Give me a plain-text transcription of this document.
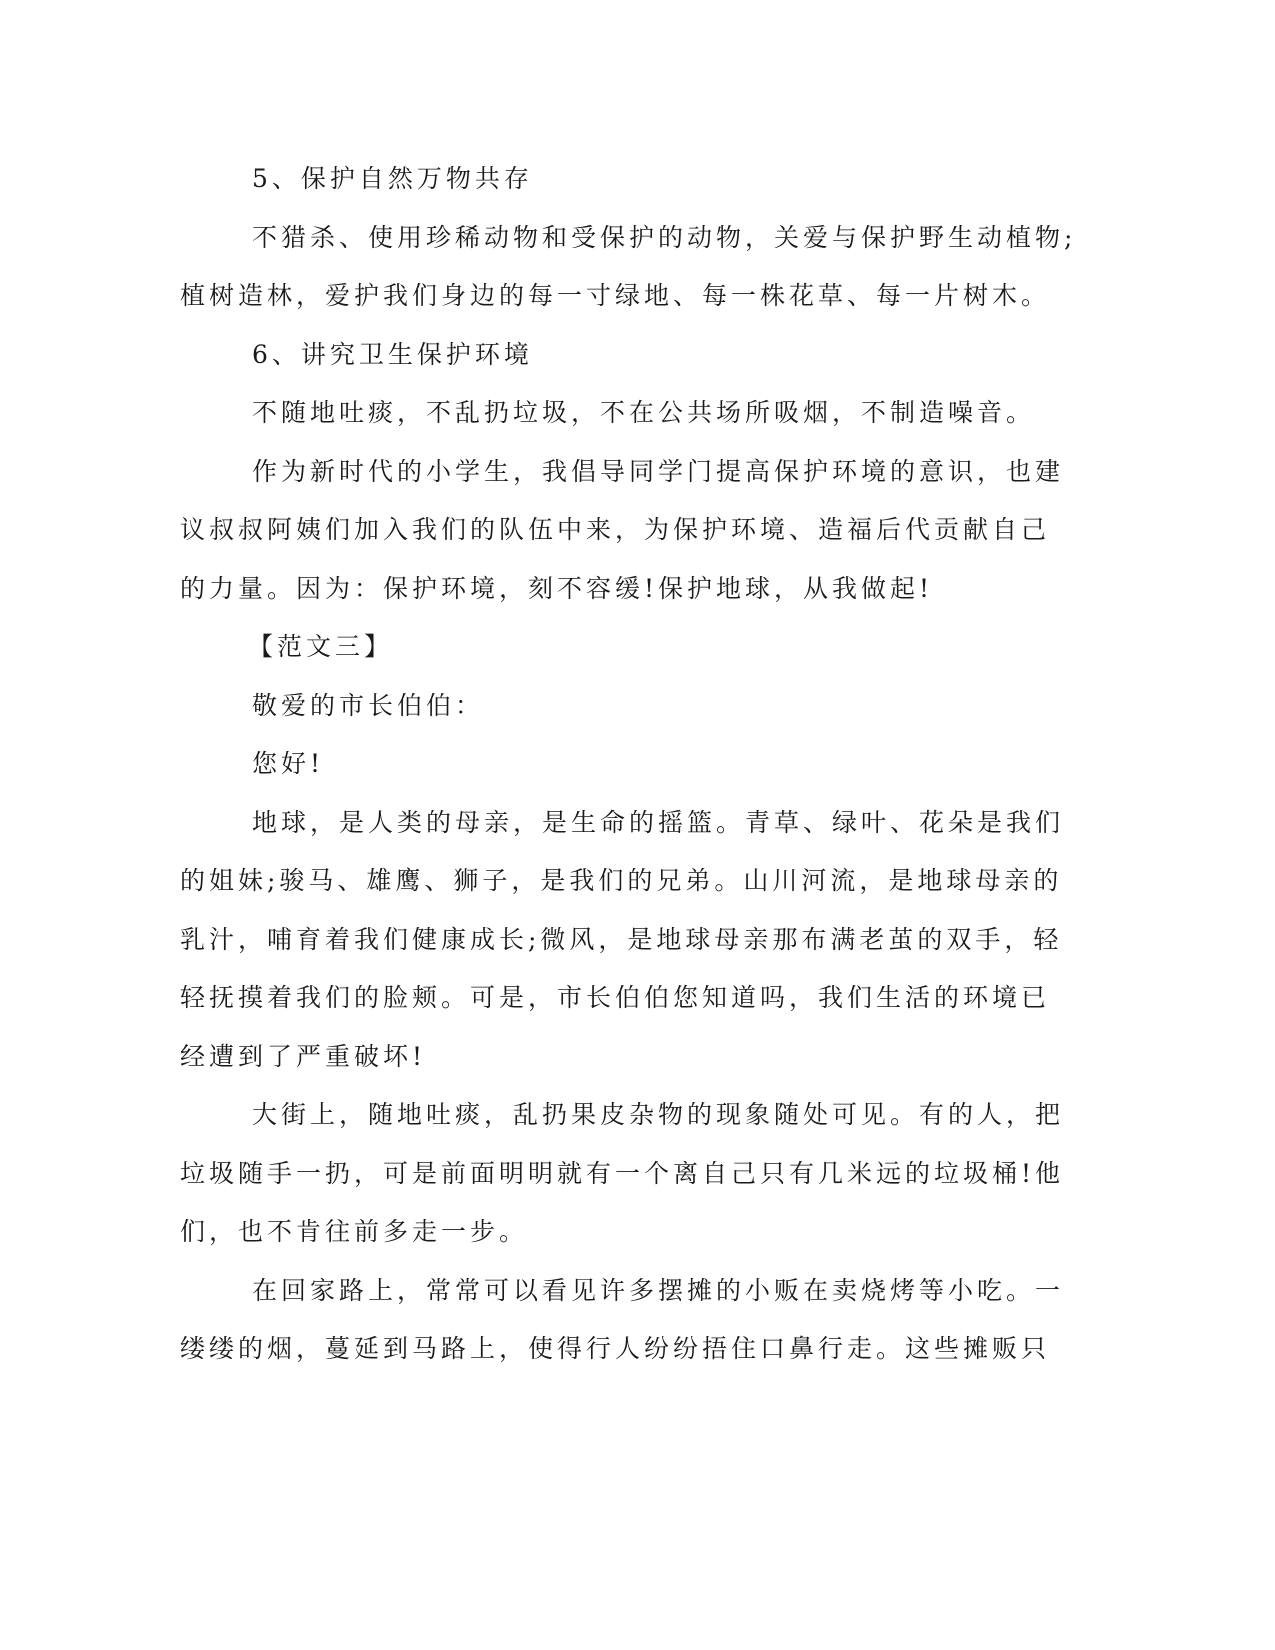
5、保护自然万物共存
不猎杀、使用珍稀动物和受保护的动物，关爱与保护野生动植物;
植树造林，爱护我们身边的每一寸绿地、每一株花草、每一片树木。
6、讲究卫生保护环境
不随地吐痰，不乱扔垃圾，不在公共场所吸烟，不制造噪音。
作为新时代的小学生，我倡导同学门提高保护环境的意识，也建
议叔叔阿姨们加入我们的队伍中来，为保护环境、造福后代贡献自己
的力量。因为：保护环境，刻不容缓!保护地球，从我做起!
【范文三】
敬爱的市长伯伯：
您好!
地球，是人类的母亲，是生命的摇篮。青草、绿叶、花朵是我们
的姐妹;骏马、雄鹰、狮子，是我们的兄弟。山川河流，是地球母亲的
乳汁，哺育着我们健康成长;微风，是地球母亲那布满老茧的双手，轻
轻抚摸着我们的脸颊。可是，市长伯伯您知道吗，我们生活的环境已
经遭到了严重破坏!
大街上，随地吐痰，乱扔果皮杂物的现象随处可见。有的人，把
垃圾随手一扔，可是前面明明就有一个离自己只有几米远的垃圾桶!他
们，也不肯往前多走一步。
在回家路上，常常可以看见许多摆摊的小贩在卖烧烤等小吃。一
缕缕的烟，蔓延到马路上，使得行人纷纷捂住口鼻行走。这些摊贩只
